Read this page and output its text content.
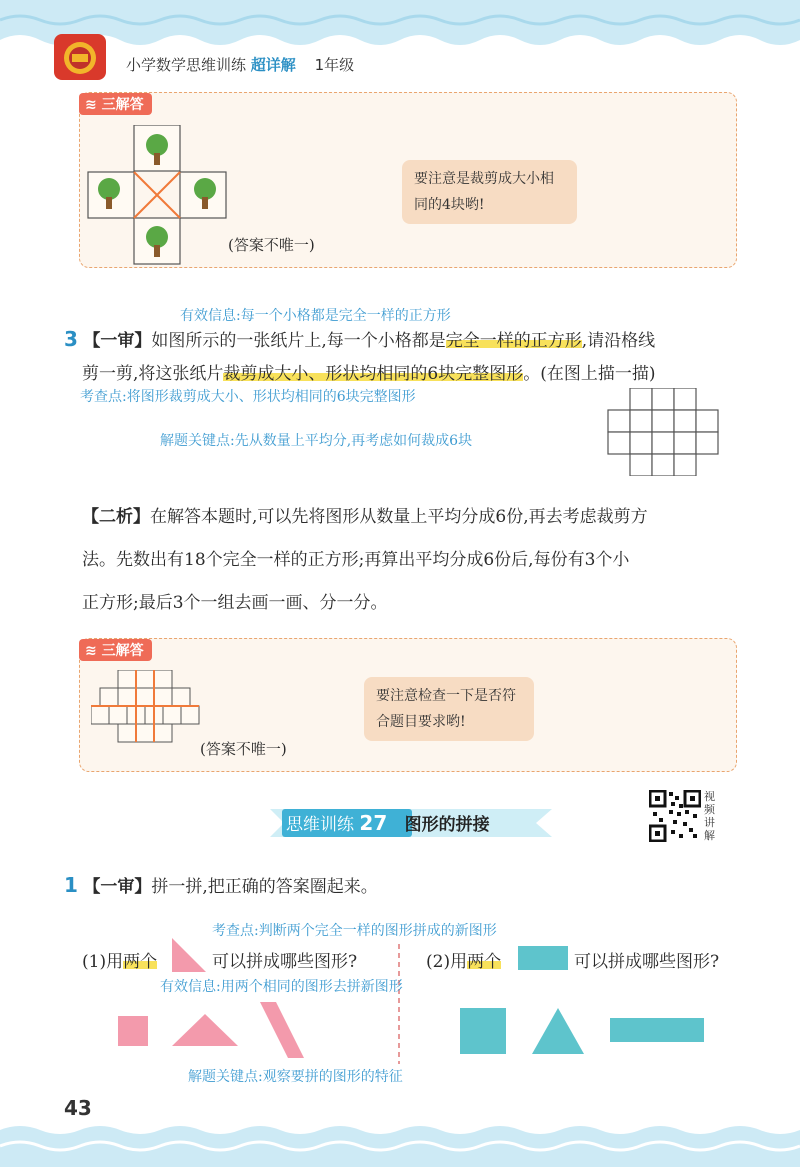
小学数学思维训练 超详解 1年级
≋ 三解答
要注意是裁剪成大小相同的4块哟!
(答案不唯一)
有效信息:每一个小格都是完全一样的正方形
3 【一审】如图所示的一张纸片上,每一个小格都是完全一样的正方形,请沿格线
剪一剪,将这张纸片裁剪成大小、形状均相同的6块完整图形。(在图上描一描)
考查点:将图形裁剪成大小、形状均相同的6块完整图形
解题关键点:先从数量上平均分,再考虑如何裁成6块
【二析】在解答本题时,可以先将图形从数量上平均分成6份,再去考虑裁剪方
法。先数出有18个完全一样的正方形;再算出平均分成6份后,每份有3个小
正方形;最后3个一组去画一画、分一分。
≋ 三解答
要注意检查一下是否符合题目要求哟!
(答案不唯一)
思维训练 27 图形的拼接
视频讲解
1 【一审】拼一拼,把正确的答案圈起来。
考查点:判断两个完全一样的图形拼成的新图形
(1)用两个	可以拼成哪些图形?	(2)用两个	可以拼成哪些图形?
有效信息:用两个相同的图形去拼新图形
解题关键点:观察要拼的图形的特征
43
